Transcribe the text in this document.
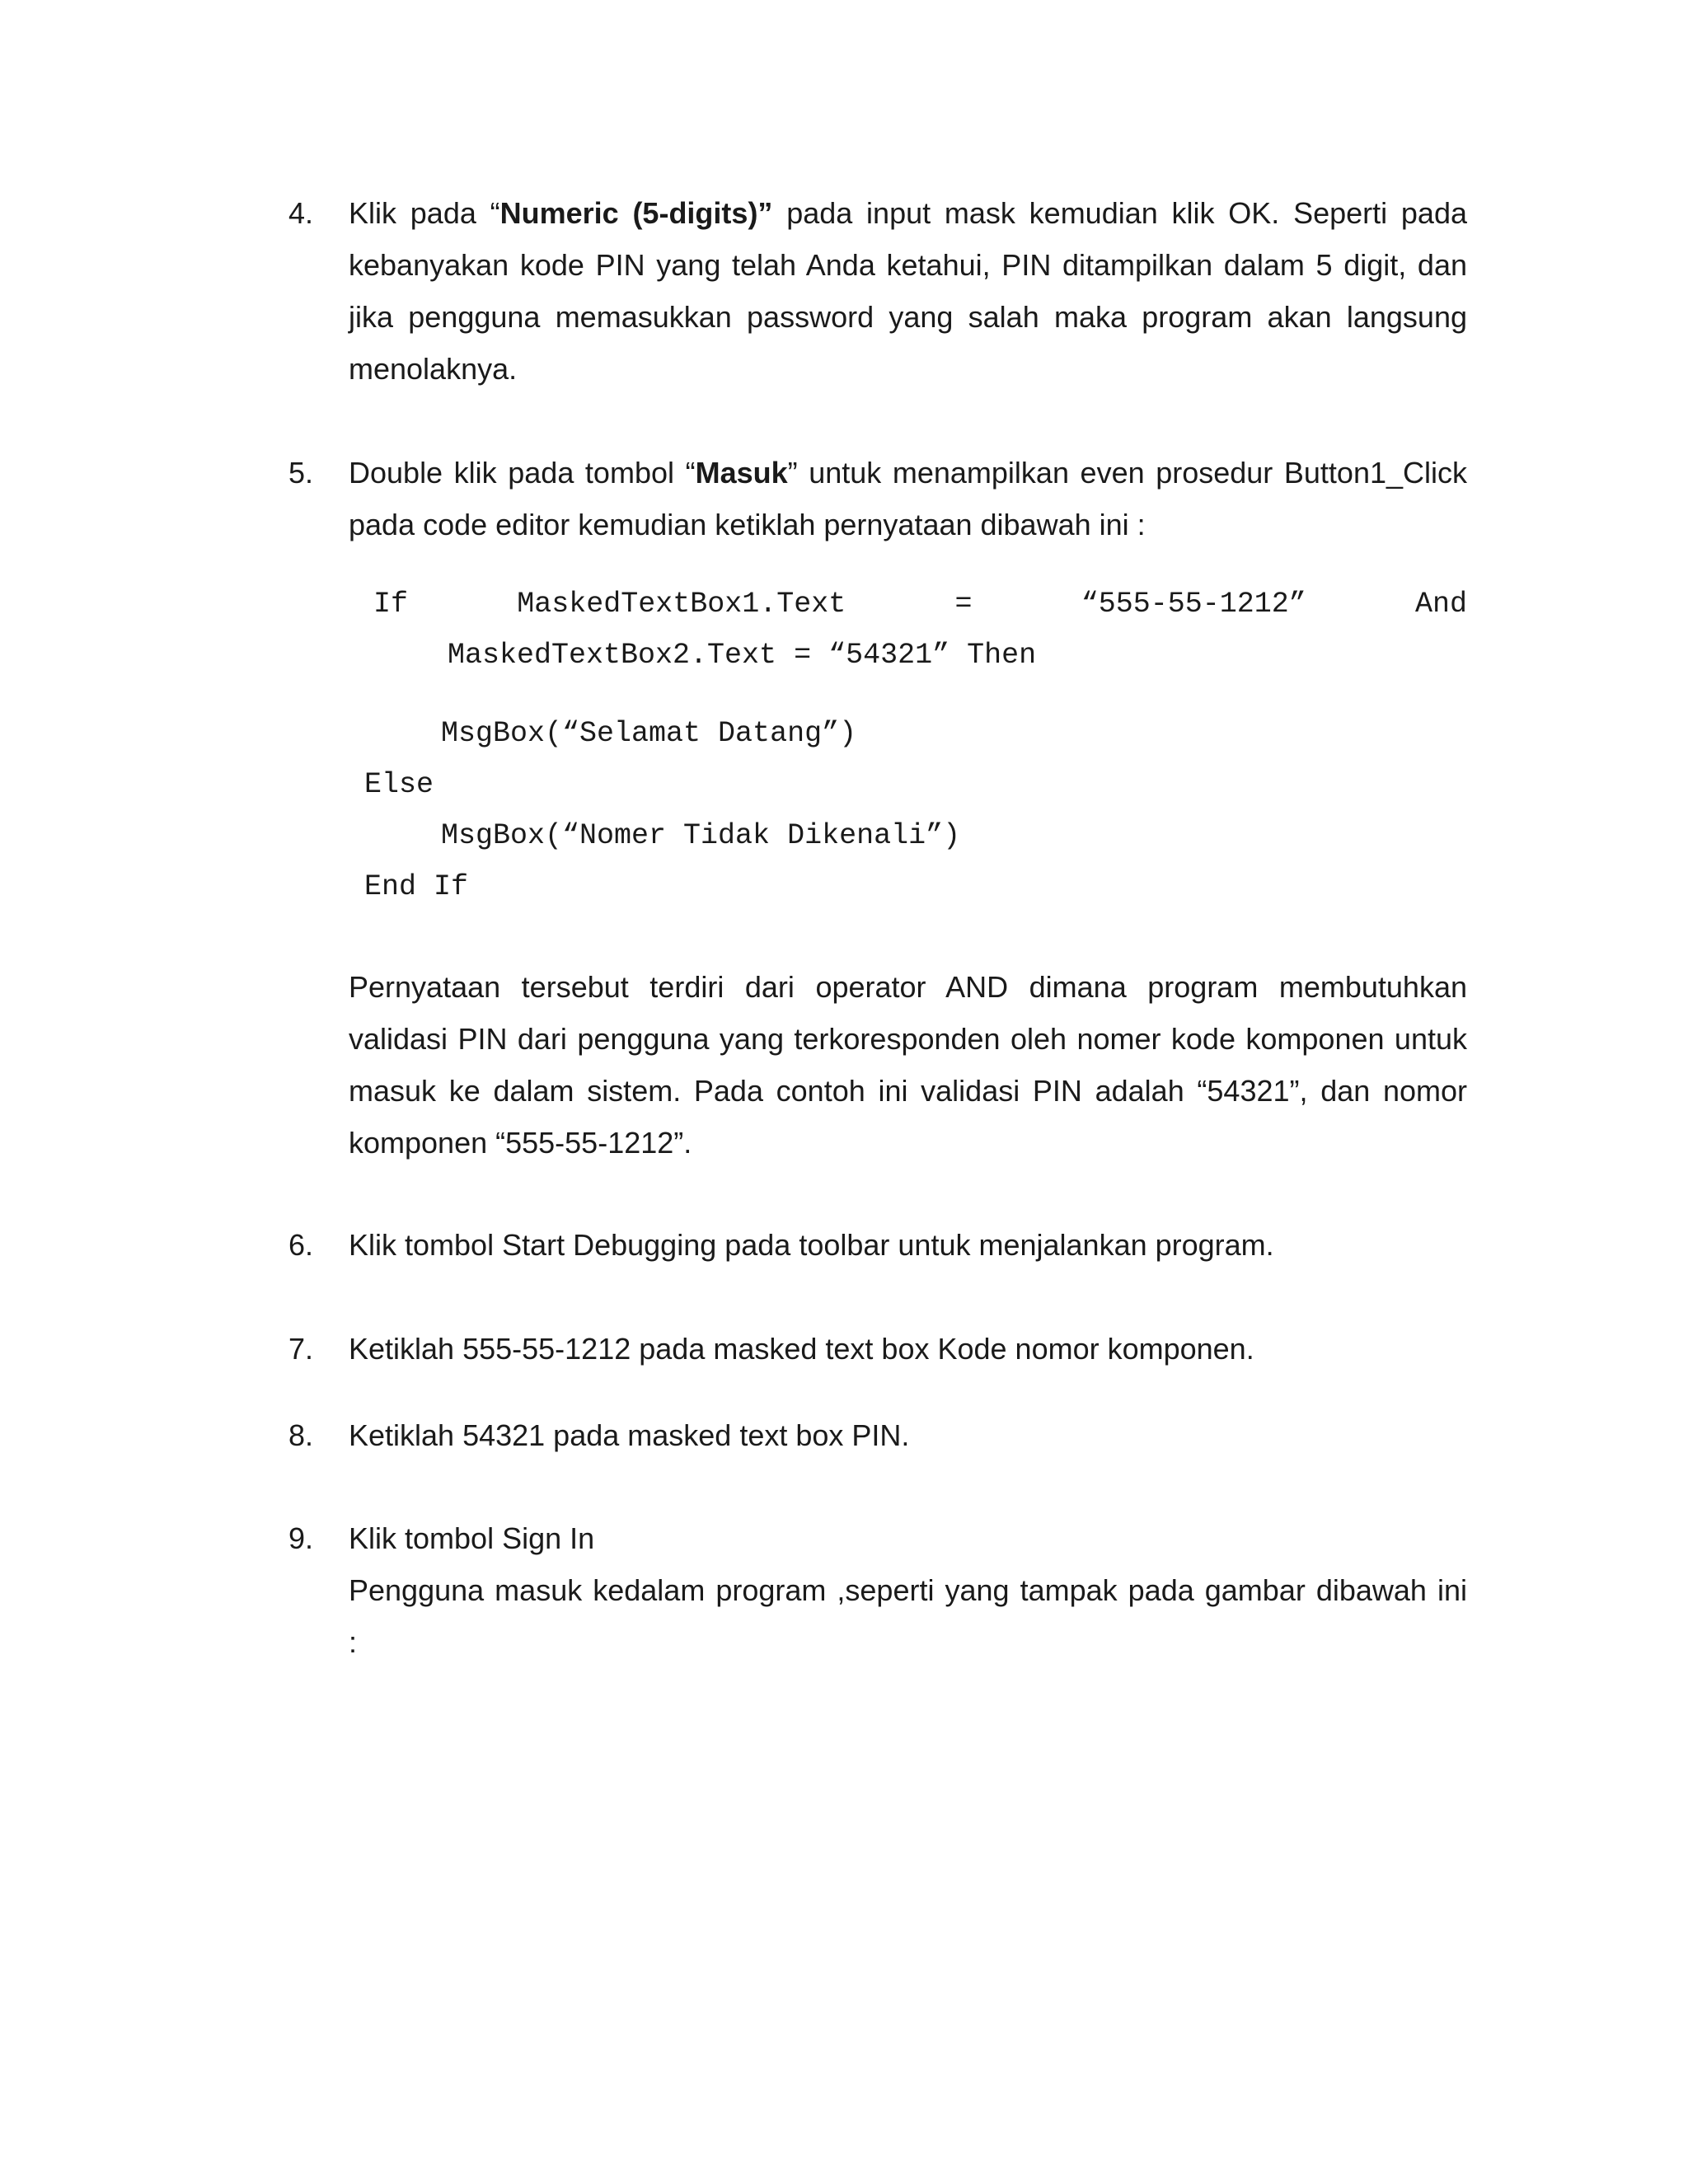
4.	Klik pada “Numeric (5-digits)” pada input mask kemudian klik OK. Seperti pada

kebanyakan kode PIN yang telah Anda ketahui, PIN ditampilkan dalam 5 digit, dan

jika pengguna memasukkan password yang salah maka program akan langsung

menolaknya.

5.	Double klik pada tombol “Masuk” untuk menampilkan even prosedur Button1_Click

pada code editor kemudian ketiklah pernyataan dibawah ini :

If	MaskedTextBox1.Text	=	“555-55-1212”	And
MaskedTextBox2.Text = “54321” Then
MsgBox(“Selamat Datang”)
Else
MsgBox(“Nomer Tidak Dikenali”)
End If

Pernyataan tersebut terdiri dari operator AND dimana program membutuhkan

validasi PIN dari pengguna yang terkoresponden oleh nomer kode komponen untuk

masuk ke dalam sistem. Pada contoh ini validasi PIN adalah “54321”, dan nomor

komponen “555-55-1212”.

6.	Klik tombol Start Debugging pada toolbar untuk menjalankan program.

7.	Ketiklah 555-55-1212 pada masked text box Kode nomor komponen.

8.	Ketiklah 54321 pada masked text box PIN.

9.	Klik tombol Sign In

Pengguna masuk kedalam program ,seperti yang tampak pada gambar dibawah ini

:
